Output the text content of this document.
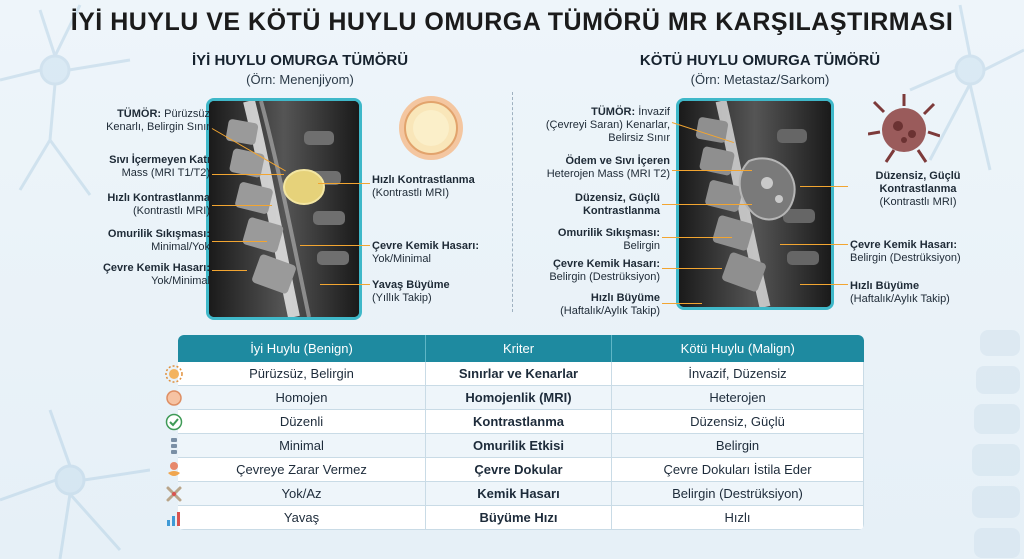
İYİ HUYLU VE KÖTÜ HUYLU OMURGA TÜMÖRÜ MR KARŞILAŞTIRMASI
İYİ HUYLU OMURGA TÜMÖRÜ
(Örn: Menenjiyom)
TÜMÖR: Pürüzsüz
Kenarlı, Belirgin Sınır
Sıvı İçermeyen Katı
Mass (MRI T1/T2)
Hızlı Kontrastlanma
(Kontrastlı MRI)
Omurilik Sıkışması:
Minimal/Yok
Çevre Kemik Hasarı:
Yok/Minimal
Hızlı Kontrastlanma
(Kontrastlı MRI)
Çevre Kemik Hasarı:
Yok/Minimal
Yavaş Büyüme
(Yıllık Takip)
KÖTÜ HUYLU OMURGA TÜMÖRÜ
(Örn: Metastaz/Sarkom)
TÜMÖR: İnvazif
(Çevreyi Saran) Kenarlar,
Belirsiz Sınır
Ödem ve Sıvı İçeren
Heterojen Mass (MRI T2)
Düzensiz, Güçlü
Kontrastlanma
Omurilik Sıkışması:
Belirgin
Çevre Kemik Hasarı:
Belirgin (Destrüksiyon)
Hızlı Büyüme
(Haftalık/Aylık Takip)
Düzensiz, Güçlü
Kontrastlanma
(Kontrastlı MRI)
Çevre Kemik Hasarı:
Belirgin (Destrüksiyon)
Hızlı Büyüme
(Haftalık/Aylık Takip)
İyi Huylu (Benign)	Kriter	Kötü Huylu (Malign)
Pürüzsüz, Belirgin	Sınırlar ve Kenarlar	İnvazif, Düzensiz
Homojen	Homojenlik (MRI)	Heterojen
Düzenli	Kontrastlanma	Düzensiz, Güçlü
Minimal	Omurilik Etkisi	Belirgin
Çevreye Zarar Vermez	Çevre Dokular	Çevre Dokuları İstila Eder
Yok/Az	Kemik Hasarı	Belirgin (Destrüksiyon)
Yavaş	Büyüme Hızı	Hızlı
